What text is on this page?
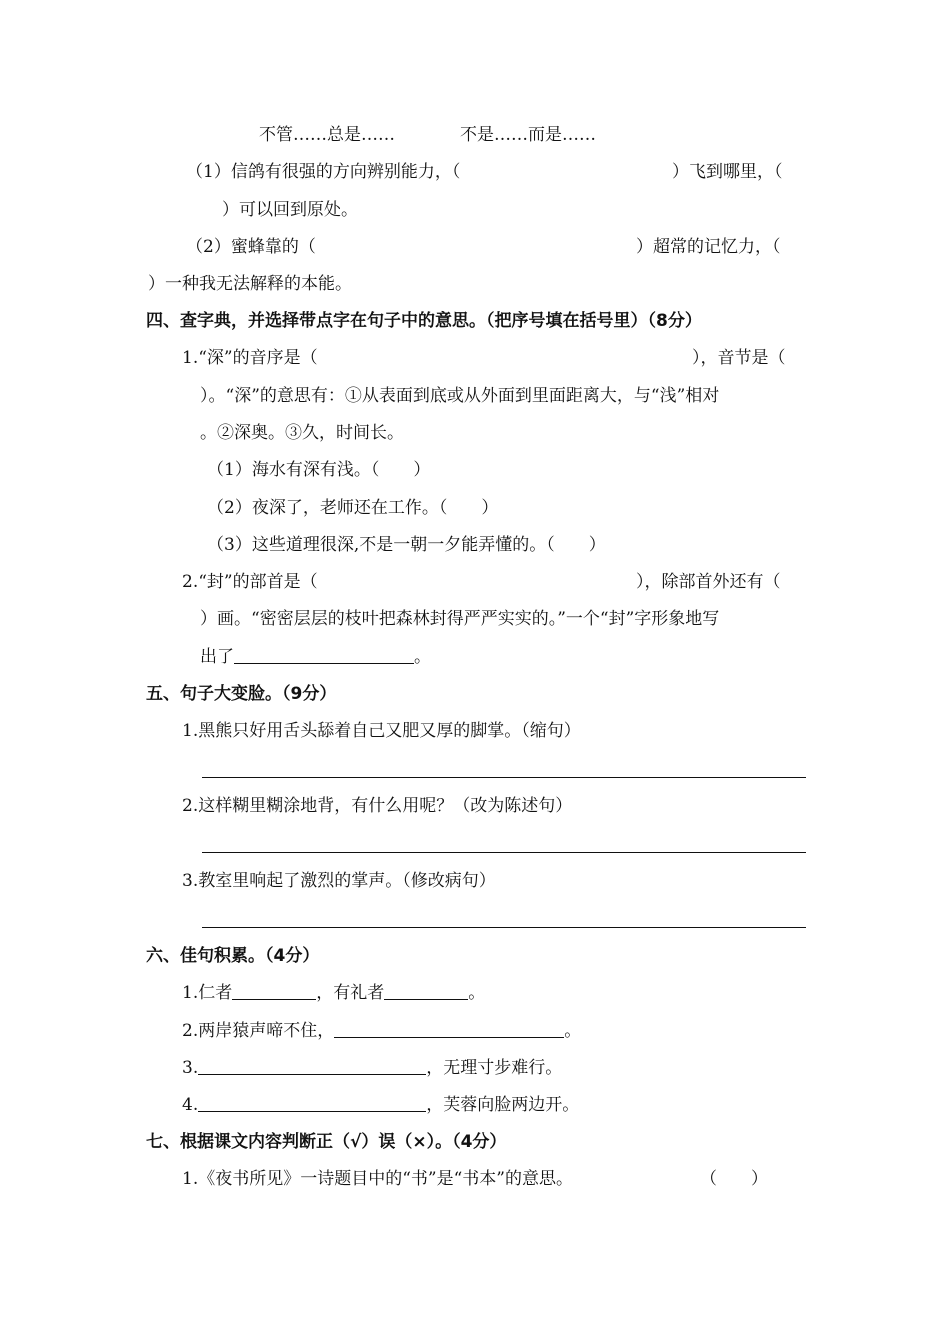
不管……总是……	不是……而是……
（1）信鸽有很强的方向辨别能力，（	）飞到哪里，（
）可以回到原处。
（2）蜜蜂靠的（	）超常的记忆力，（
）一种我无法解释的本能。
四、查字典，并选择带点字在句子中的意思。（把序号填在括号里）（8分）
1.“深”的音序是（	），音节是（
）。“深”的意思有：①从表面到底或从外面到里面距离大，与“浅”相对
。②深奥。③久，时间长。
（1）海水有深有浅。（　　）
（2）夜深了，老师还在工作。（　　）
（3）这些道理很深,不是一朝一夕能弄懂的。（　　）
2.“封”的部首是（	），除部首外还有（
）画。“密密层层的枝叶把森林封得严严实实的。”一个“封”字形象地写
出了	。
五、句子大变脸。（9分）
1.黑熊只好用舌头舔着自己又肥又厚的脚掌。（缩句）
2.这样糊里糊涂地背，有什么用呢？（改为陈述句）
3.教室里响起了激烈的掌声。（修改病句）
六、佳句积累。（4分）
1.仁者	，有礼者	。
2.两岸猿声啼不住，	。
3.	，无理寸步难行。
4.	，芙蓉向脸两边开。
七、根据课文内容判断正（√）误（×）。（4分）
1.《夜书所见》一诗题目中的“书”是“书本”的意思。	（　　）
